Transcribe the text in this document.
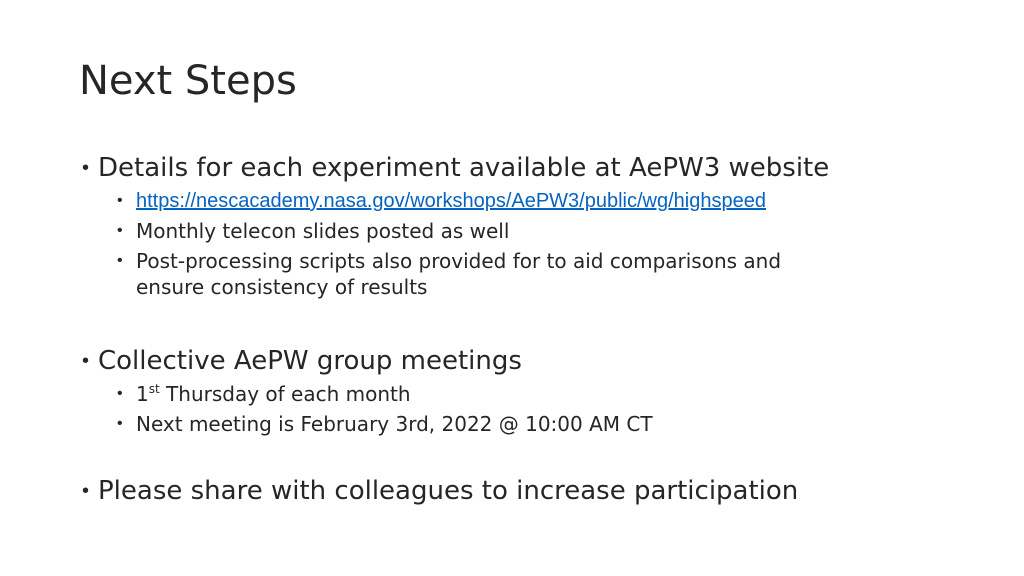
Next Steps
• Details for each experiment available at AePW3 website
• https://nescacademy.nasa.gov/workshops/AePW3/public/wg/highspeed
• Monthly telecon slides posted as well
• Post-processing scripts also provided for to aid comparisons and
ensure consistency of results
• Collective AePW group meetings
• 1st Thursday of each month
• Next meeting is February 3rd, 2022 @ 10:00 AM CT
• Please share with colleagues to increase participation
